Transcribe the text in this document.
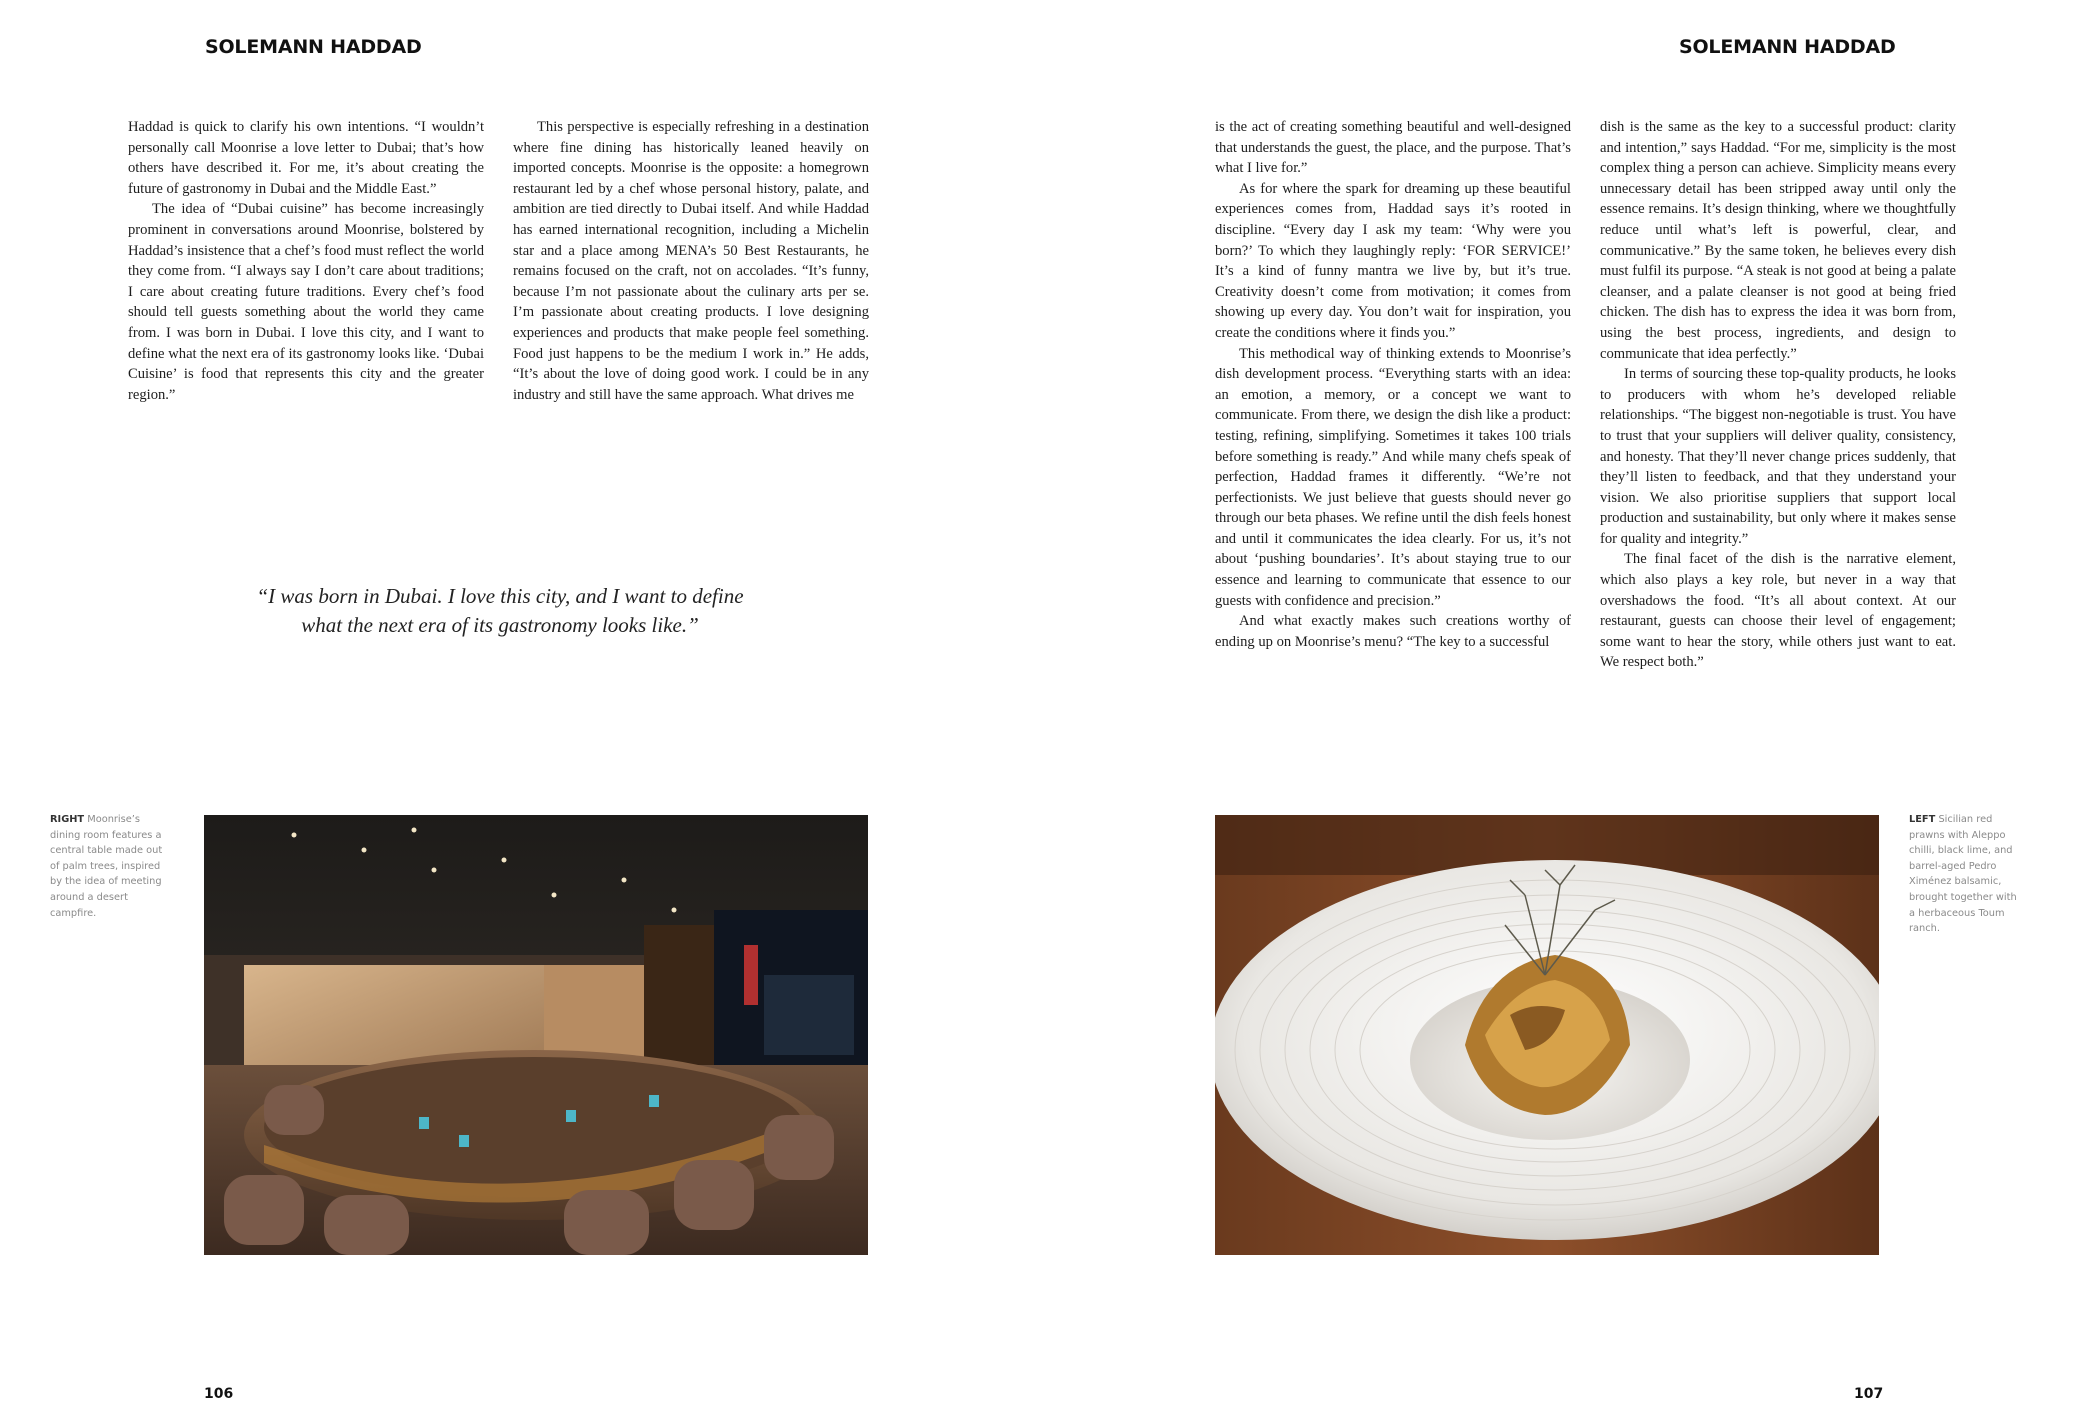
SOLEMANN HADDAD

Haddad is quick to clarify his own intentions. “I wouldn’t personally call Moonrise a love letter to Dubai; that’s how others have described it. For me, it’s about creating the future of gastronomy in Dubai and the Middle East.”

The idea of “Dubai cuisine” has become increasingly prominent in conversations around Moonrise, bolstered by Haddad’s insistence that a chef’s food must reflect the world they come from. “I always say I don’t care about traditions; I care about creating future traditions. Every chef’s food should tell guests something about the world they came from. I was born in Dubai. I love this city, and I want to define what the next era of its gastronomy looks like. ‘Dubai Cuisine’ is food that represents this city and the greater region.”

This perspective is especially refreshing in a destination where fine dining has historically leaned heavily on imported concepts. Moonrise is the opposite: a homegrown restaurant led by a chef whose personal history, palate, and ambition are tied directly to Dubai itself. And while Haddad has earned international recognition, including a Michelin star and a place among MENA’s 50 Best Restaurants, he remains focused on the craft, not on accolades. “It’s funny, because I’m not passionate about the culinary arts per se. I’m passionate about creating products. I love designing experiences and products that make people feel something. Food just happens to be the medium I work in.” He adds, “It’s about the love of doing good work. I could be in any industry and still have the same approach. What drives me

“I was born in Dubai. I love this city, and I want to define
what the next era of its gastronomy looks like.”
RIGHT Moonrise’s dining room features a central table made out of palm trees, inspired by the idea of meeting around a desert campfire.
106
SOLEMANN HADDAD

is the act of creating something beautiful and well-designed that understands the guest, the place, and the purpose. That’s what I live for.”

As for where the spark for dreaming up these beautiful experiences comes from, Haddad says it’s rooted in discipline. “Every day I ask my team: ‘Why were you born?’ To which they laughingly reply: ‘FOR SERVICE!’ It’s a kind of funny mantra we live by, but it’s true. Creativity doesn’t come from motivation; it comes from showing up every day. You don’t wait for inspiration, you create the conditions where it finds you.”

This methodical way of thinking extends to Moonrise’s dish development process. “Everything starts with an idea: an emotion, a memory, or a concept we want to communicate. From there, we design the dish like a product: testing, refining, simplifying. Sometimes it takes 100 trials before something is ready.” And while many chefs speak of perfection, Haddad frames it differently. “We’re not perfectionists. We just believe that guests should never go through our beta phases. We refine until the dish feels honest and until it communicates the idea clearly. For us, it’s not about ‘pushing boundaries’. It’s about staying true to our essence and learning to communicate that essence to our guests with confidence and precision.”

And what exactly makes such creations worthy of ending up on Moonrise’s menu? “The key to a successful

dish is the same as the key to a successful product: clarity and intention,” says Haddad. “For me, simplicity is the most complex thing a person can achieve. Simplicity means every unnecessary detail has been stripped away until only the essence remains. It’s design thinking, where we thoughtfully reduce until what’s left is powerful, clear, and communicative.” By the same token, he believes every dish must fulfil its purpose. “A steak is not good at being a palate cleanser, and a palate cleanser is not good at being fried chicken. The dish has to express the idea it was born from, using the best process, ingredients, and design to communicate that idea perfectly.”

In terms of sourcing these top-quality products, he looks to producers with whom he’s developed reliable relationships. “The biggest non-negotiable is trust. You have to trust that your suppliers will deliver quality, consistency, and honesty. That they’ll never change prices suddenly, that they’ll listen to feedback, and that they understand your vision. We also prioritise suppliers that support local production and sustainability, but only where it makes sense for quality and integrity.”

The final facet of the dish is the narrative element, which also plays a key role, but never in a way that overshadows the food. “It’s all about context. At our restaurant, guests can choose their level of engagement; some want to hear the story, while others just want to eat. We respect both.”

LEFT Sicilian red prawns with Aleppo chilli, black lime, and barrel-aged Pedro Ximénez balsamic, brought together with a herbaceous Toum ranch.
107
